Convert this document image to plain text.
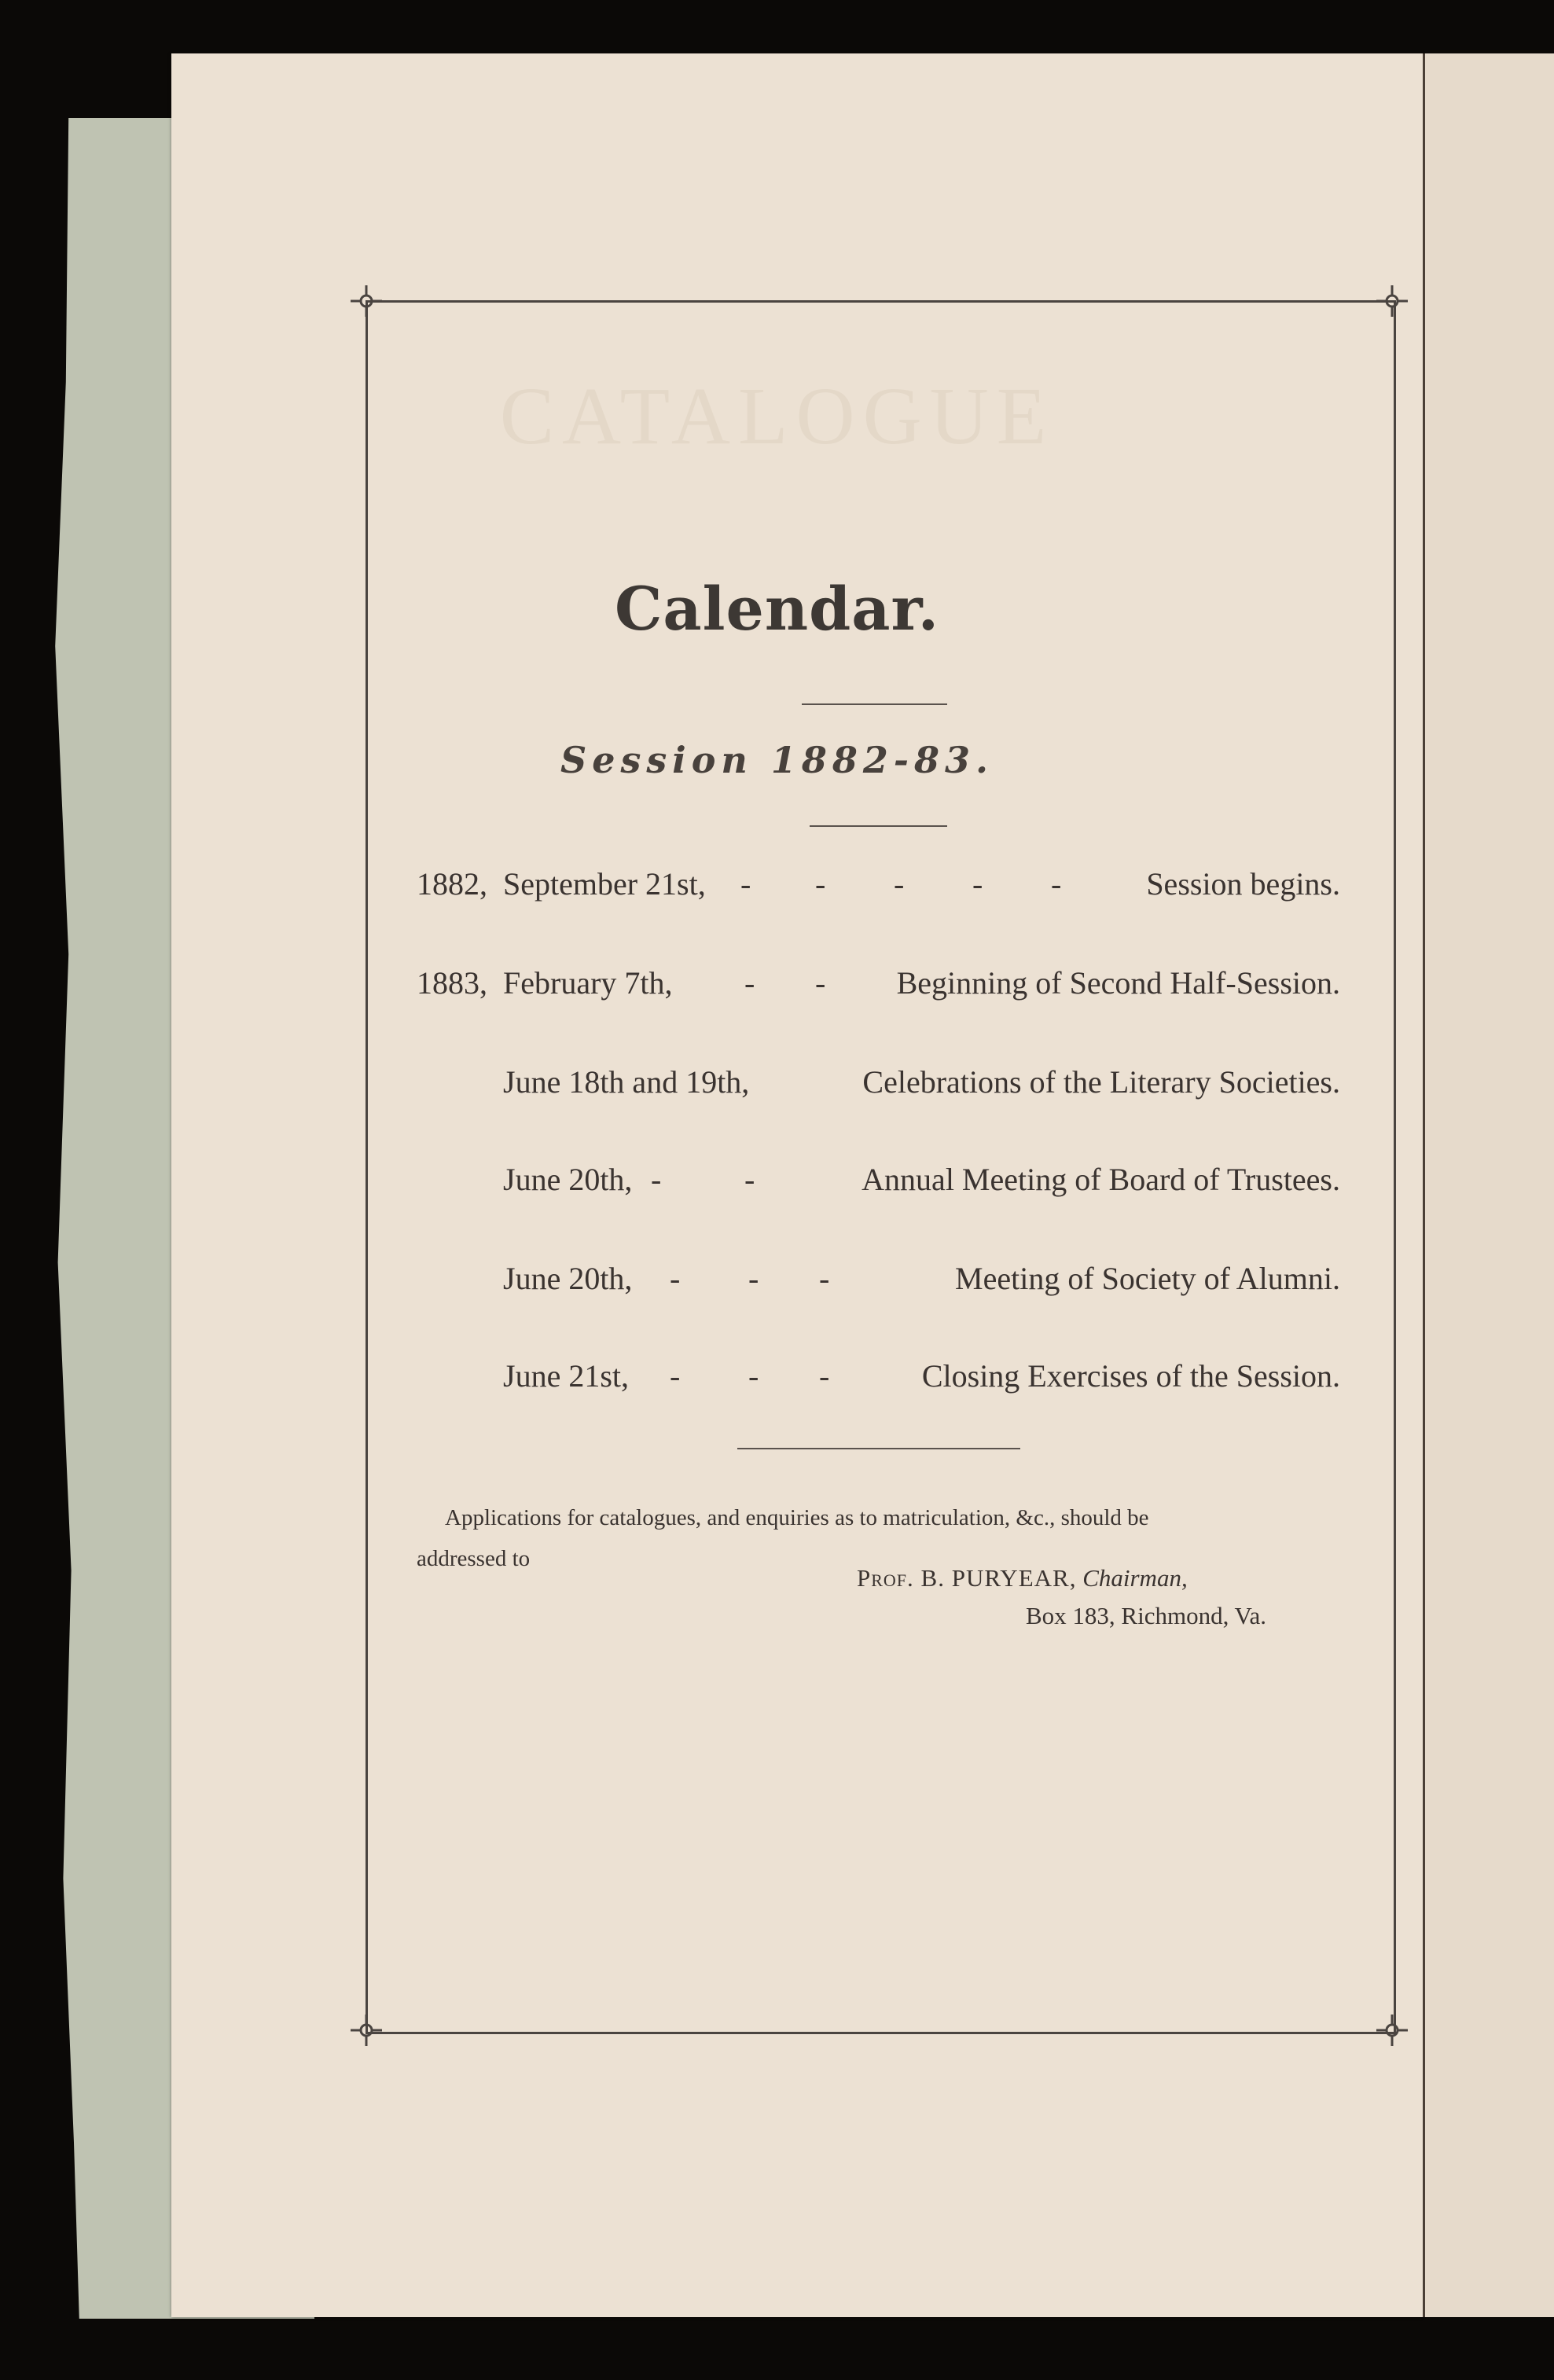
CATALOGUE
Calendar.
Session 1882-83.
1882, September 21st, - - - - -	Session begins.
1883, February 7th, - - Beginning of Second Half-Session.
June 18th and 19th,	Celebrations of the Literary Societies.
June 20th, -	-	Annual Meeting of Board of Trustees.
June 20th, - - -	Meeting of Society of Alumni.
June 21st, - - -	Closing Exercises of the Session.
Applications for catalogues, and enquiries as to matriculation, &c., should be
addressed to
Prof. B. PURYEAR, Chairman,
Box 183, Richmond, Va.
